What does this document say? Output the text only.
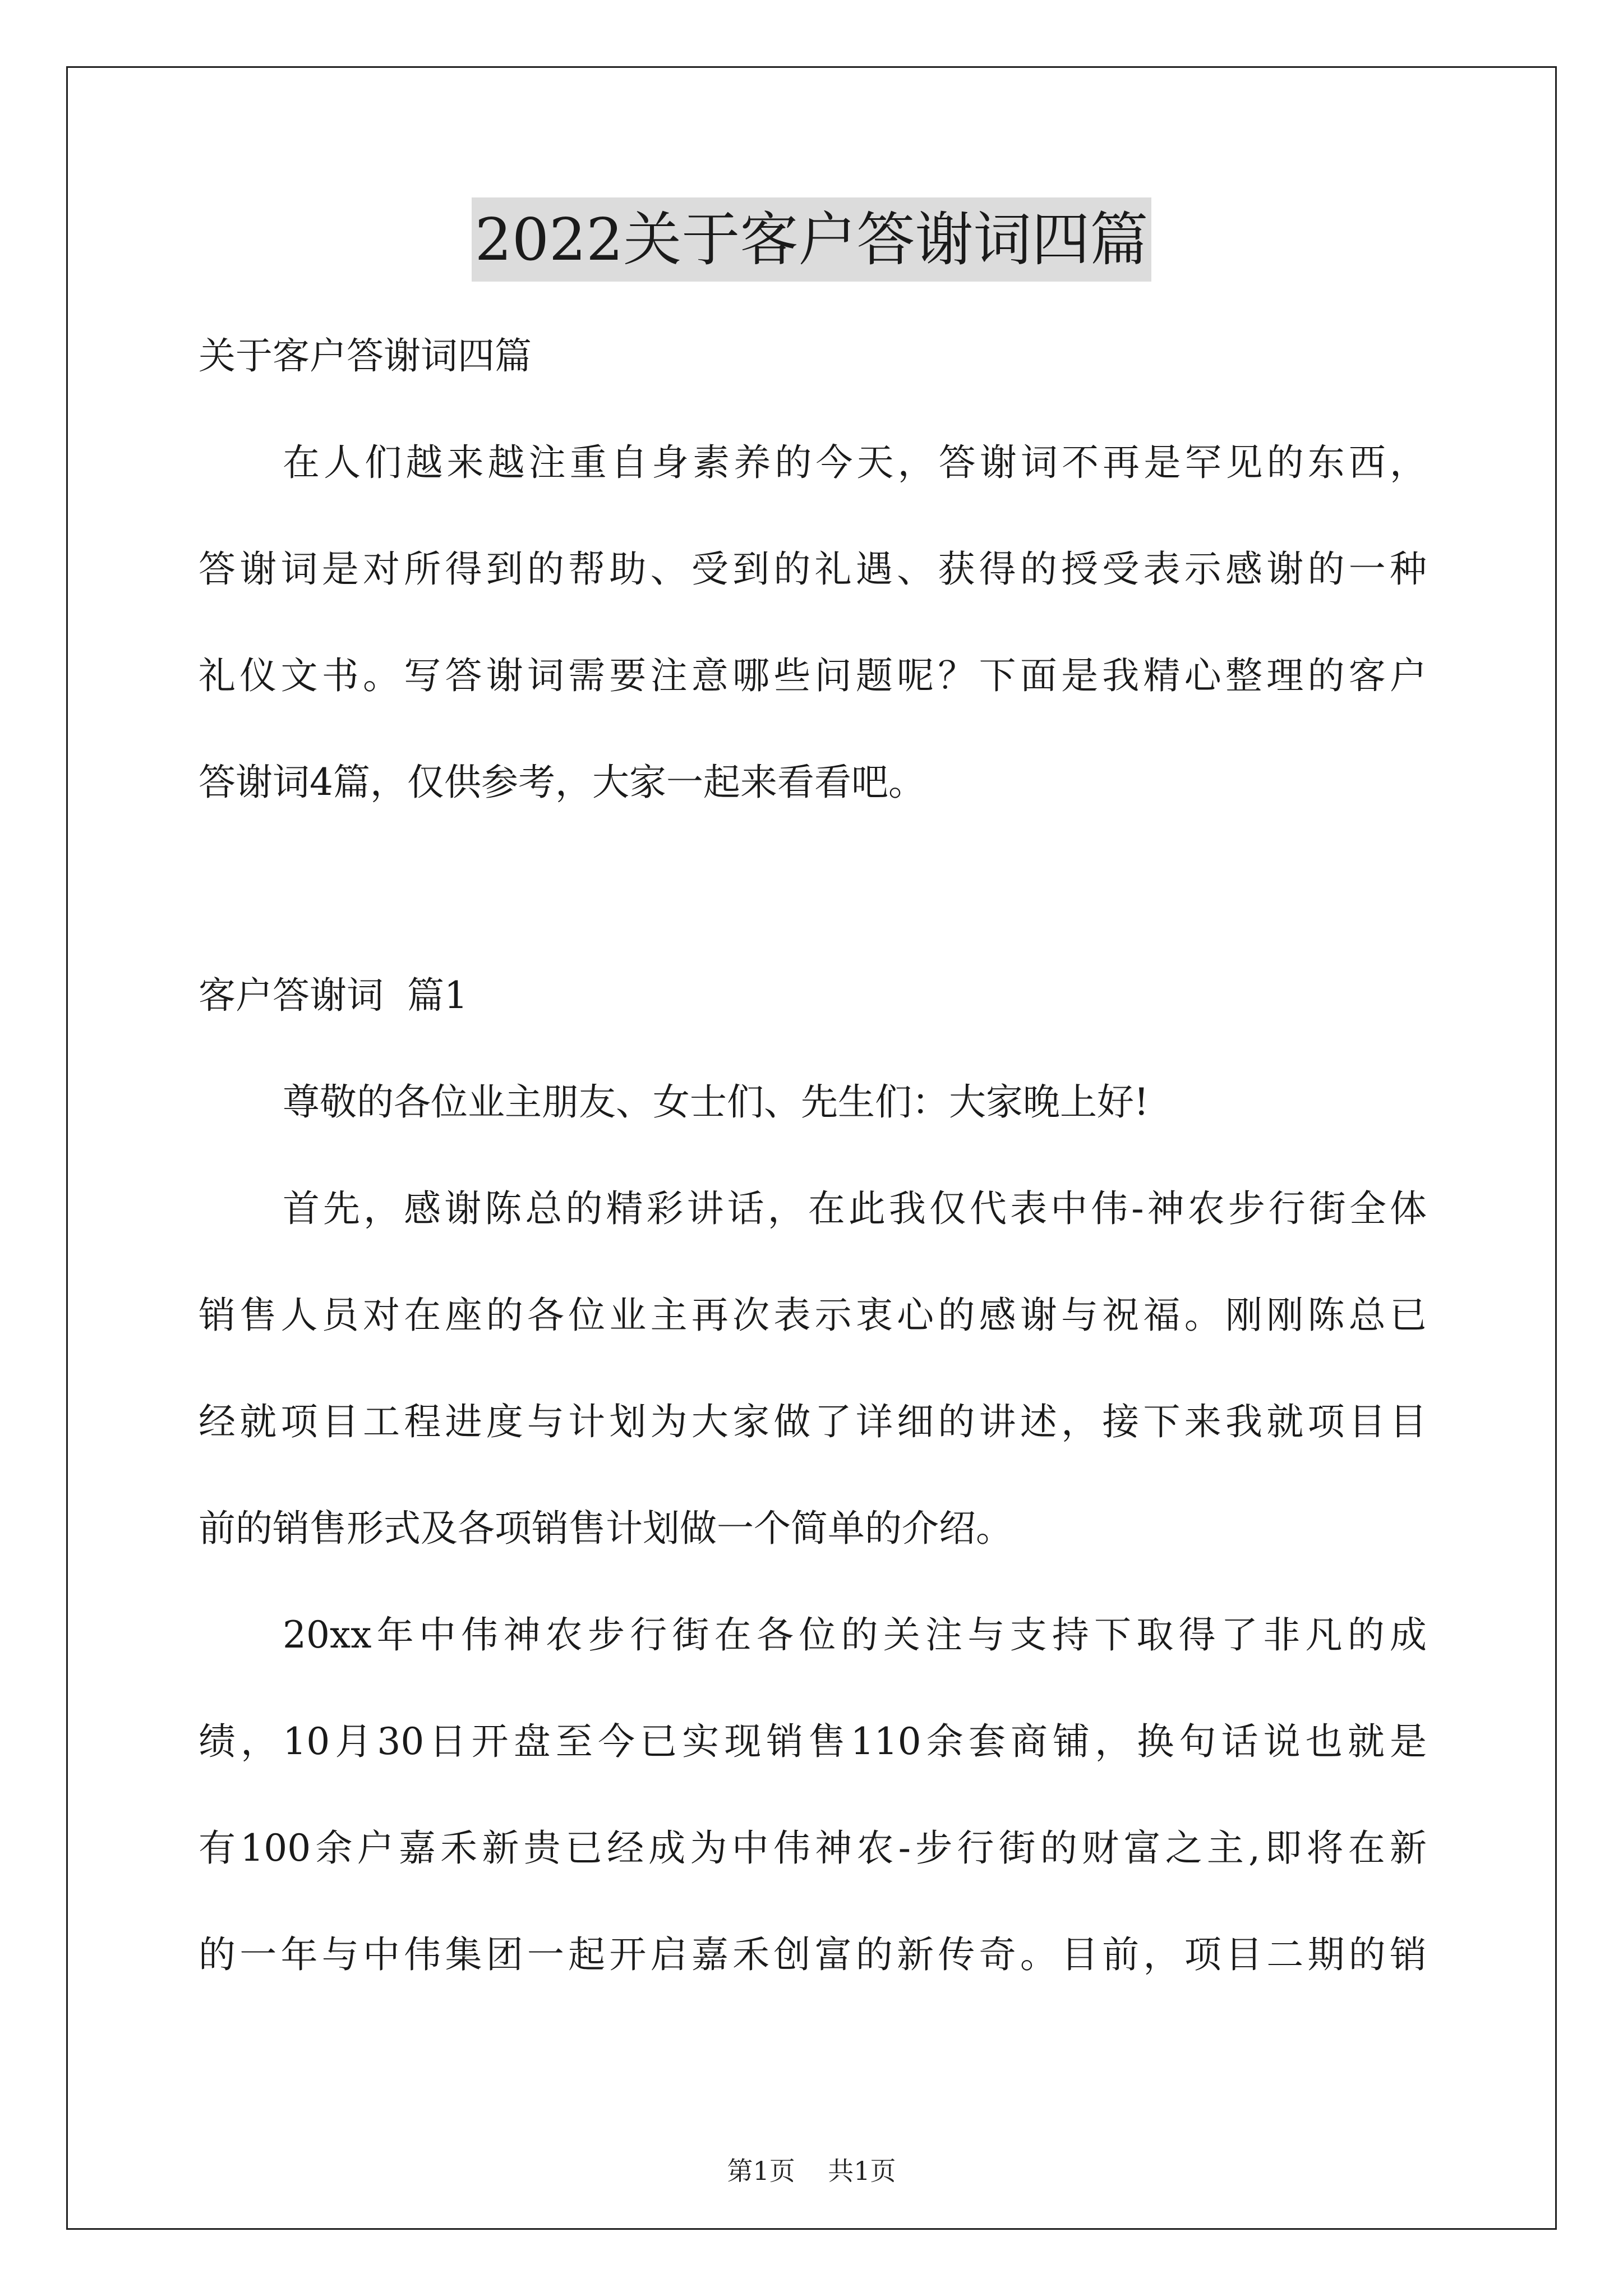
2022关于客户答谢词四篇
关于客户答谢词四篇
在人们越来越注重自身素养的今天，答谢词不再是罕见的东西，
答谢词是对所得到的帮助、受到的礼遇、获得的授受表示感谢的一种
礼仪文书。写答谢词需要注意哪些问题呢？下面是我精心整理的客户
答谢词4篇，仅供参考，大家一起来看看吧。
客户答谢词  篇1
尊敬的各位业主朋友、女士们、先生们：大家晚上好!
首先，感谢陈总的精彩讲话，在此我仅代表中伟-神农步行街全体
销售人员对在座的各位业主再次表示衷心的感谢与祝福。刚刚陈总已
经就项目工程进度与计划为大家做了详细的讲述，接下来我就项目目
前的销售形式及各项销售计划做一个简单的介绍。
20xx年中伟神农步行街在各位的关注与支持下取得了非凡的成
绩，10月30日开盘至今已实现销售110余套商铺，换句话说也就是
有100余户嘉禾新贵已经成为中伟神农-步行街的财富之主,即将在新
的一年与中伟集团一起开启嘉禾创富的新传奇。目前，项目二期的销
第1页    共1页
